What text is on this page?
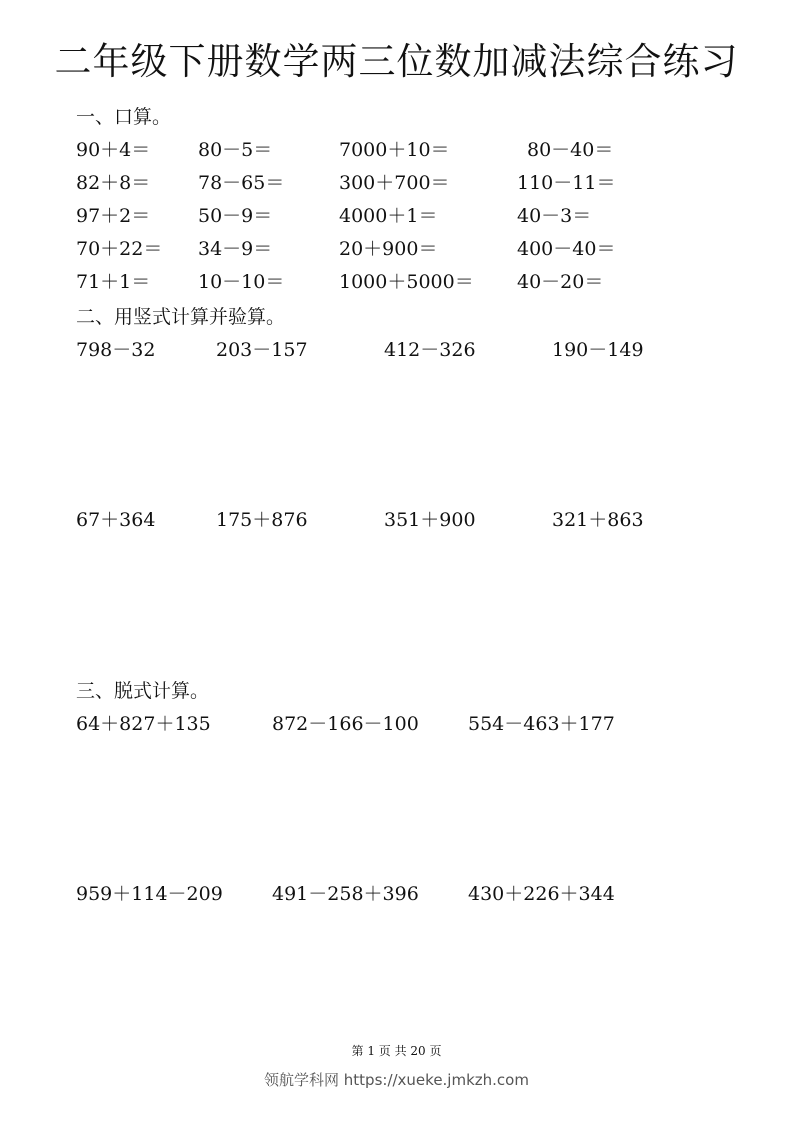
二年级下册数学两三位数加减法综合练习
一、口算。
90＋4＝	80－5＝	7000＋10＝	80－40＝
82＋8＝	78－65＝	300＋700＝	110－11＝
97＋2＝	50－9＝	4000＋1＝	40－3＝
70＋22＝ 34－9＝	20＋900＝	400－40＝
71＋1＝	10－10＝	1000＋5000＝ 40－20＝
二、用竖式计算并验算。
798－32	203－157	412－326	190－149
67＋364	175＋876	351＋900	321＋863
三、脱式计算。
64＋827＋135	872－166－100	554－463＋177
959＋114－209	491－258＋396	430＋226＋344
第 1 页 共 20 页
领航学科网 https://xueke.jmkzh.com
